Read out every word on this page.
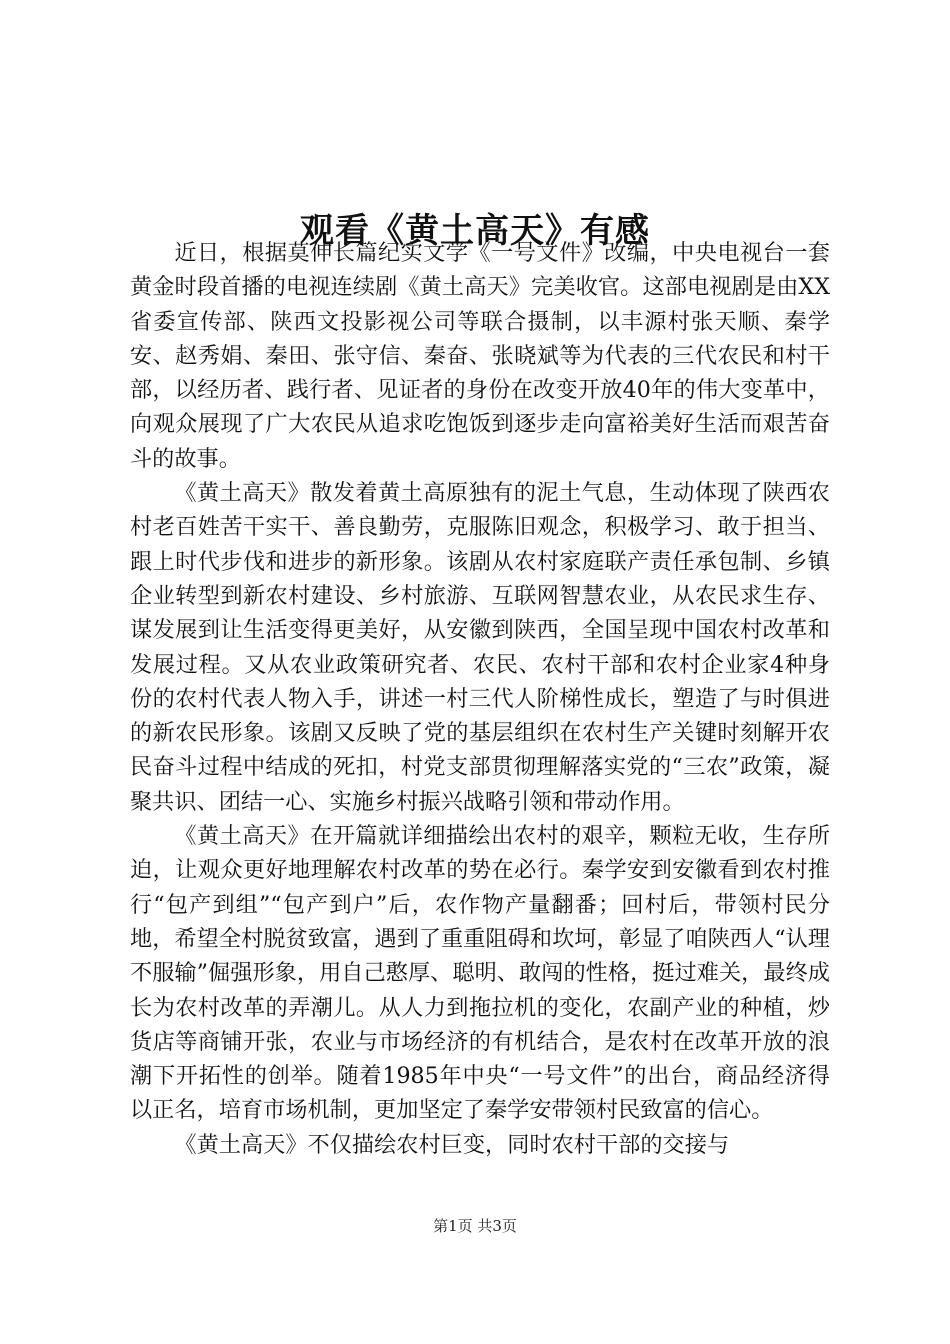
观看《黄土高天》有感

近日，根据莫伸长篇纪实文学《一号文件》改编，中央电视台一套黄金时段首播的电视连续剧《黄土高天》完美收官。这部电视剧是由XX省委宣传部、陕西文投影视公司等联合摄制，以丰源村张天顺、秦学安、赵秀娟、秦田、张守信、秦奋、张晓斌等为代表的三代农民和村干部，以经历者、践行者、见证者的身份在改变开放40年的伟大变革中，向观众展现了广大农民从追求吃饱饭到逐步走向富裕美好生活而艰苦奋斗的故事。

《黄土高天》散发着黄土高原独有的泥土气息，生动体现了陕西农村老百姓苦干实干、善良勤劳，克服陈旧观念，积极学习、敢于担当、跟上时代步伐和进步的新形象。该剧从农村家庭联产责任承包制、乡镇企业转型到新农村建设、乡村旅游、互联网智慧农业，从农民求生存、谋发展到让生活变得更美好，从安徽到陕西，全国呈现中国农村改革和发展过程。又从农业政策研究者、农民、农村干部和农村企业家4种身份的农村代表人物入手，讲述一村三代人阶梯性成长，塑造了与时俱进的新农民形象。该剧又反映了党的基层组织在农村生产关键时刻解开农民奋斗过程中结成的死扣，村党支部贯彻理解落实党的“三农”政策，凝聚共识、团结一心、实施乡村振兴战略引领和带动作用。

《黄土高天》在开篇就详细描绘出农村的艰辛，颗粒无收，生存所迫，让观众更好地理解农村改革的势在必行。秦学安到安徽看到农村推行“包产到组”“包产到户”后，农作物产量翻番；回村后，带领村民分地，希望全村脱贫致富，遇到了重重阻碍和坎坷，彰显了咱陕西人“认理不服输”倔强形象，用自己憨厚、聪明、敢闯的性格，挺过难关，最终成长为农村改革的弄潮儿。从人力到拖拉机的变化，农副产业的种植，炒货店等商铺开张，农业与市场经济的有机结合，是农村在改革开放的浪潮下开拓性的创举。随着1985年中央“一号文件”的出台，商品经济得以正名，培育市场机制，更加坚定了秦学安带领村民致富的信心。

《黄土高天》不仅描绘农村巨变，同时农村干部的交接与

第1页 共3页
